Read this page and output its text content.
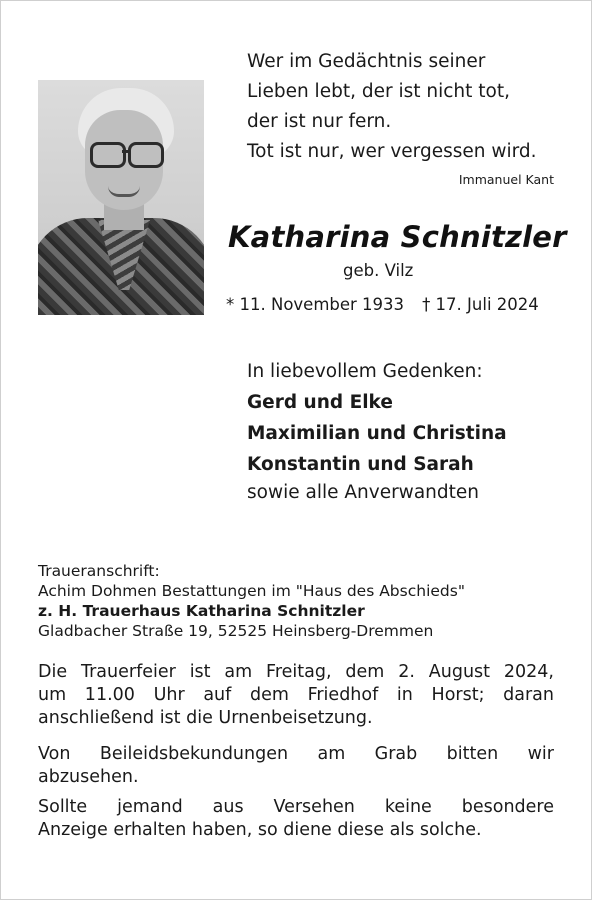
Wer im Gedächtnis seiner

Lieben lebt, der ist nicht tot,

der ist nur fern.

Tot ist nur, wer vergessen wird.

Immanuel Kant

Katharina Schnitzler

geb. Vilz

* 11. November 1933 † 17. Juli 2024

In liebevollem Gedenken:

Gerd und Elke

Maximilian und Christina

Konstantin und Sarah

sowie alle Anverwandten

Traueranschrift:

Achim Dohmen Bestattungen im "Haus des Abschieds"

z. H. Trauerhaus Katharina Schnitzler

Gladbacher Straße 19, 52525 Heinsberg-Dremmen

Die Trauerfeier ist am Freitag, dem 2. August 2024,
um 11.00 Uhr auf dem Friedhof in Horst; daran
anschließend ist die Urnenbeisetzung.

Von Beileidsbekundungen am Grab bitten wir
abzusehen.

Sollte jemand aus Versehen keine besondere
Anzeige erhalten haben, so diene diese als solche.
